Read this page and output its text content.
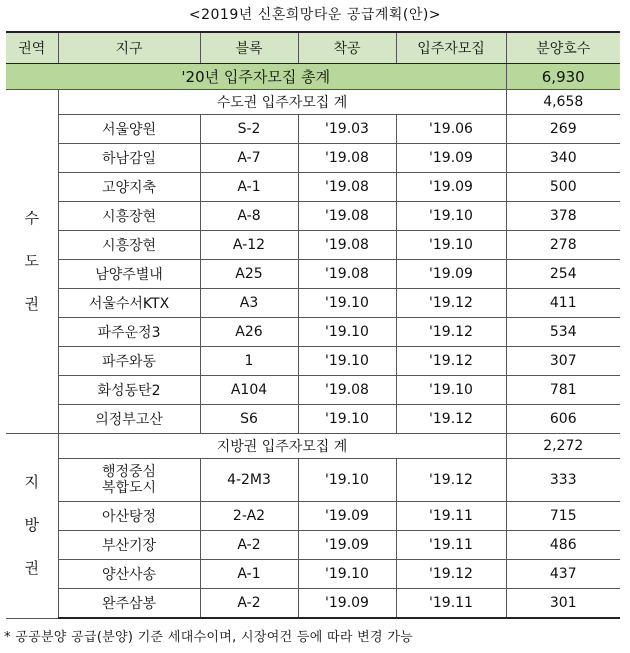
<2019년 신혼희망타운 공급계획(안)>
권역	지구	블록	착공	입주자모집	분양호수
'20년 입주자모집 총계					6,930

수
도
권	수도권 입주자모집 계				4,658
	서울양원	S-2	'19.03	'19.06	269
	하남감일	A-7	'19.08	'19.09	340
	고양지축	A-1	'19.08	'19.09	500
	시흥장현	A-8	'19.08	'19.10	378
	시흥장현	A-12	'19.08	'19.10	278
	남양주별내	A25	'19.08	'19.09	254
	서울수서KTX	A3	'19.10	'19.12	411
	파주운정3	A26	'19.10	'19.12	534
	파주와동	1	'19.10	'19.12	307
	화성동탄2	A104	'19.08	'19.10	781
	의정부고산	S6	'19.10	'19.12	606

지
방
권	지방권 입주자모집 계				2,272

	행정중심
복합도시	4-2M3	'19.10	'19.12	333
	아산탕정	2-A2	'19.09	'19.11	715
	부산기장	A-2	'19.09	'19.11	486
	양산사송	A-1	'19.10	'19.12	437
	완주삼봉	A-2	'19.09	'19.11	301
* 공공분양 공급(분양) 기준 세대수이며, 시장여건 등에 따라 변경 가능
